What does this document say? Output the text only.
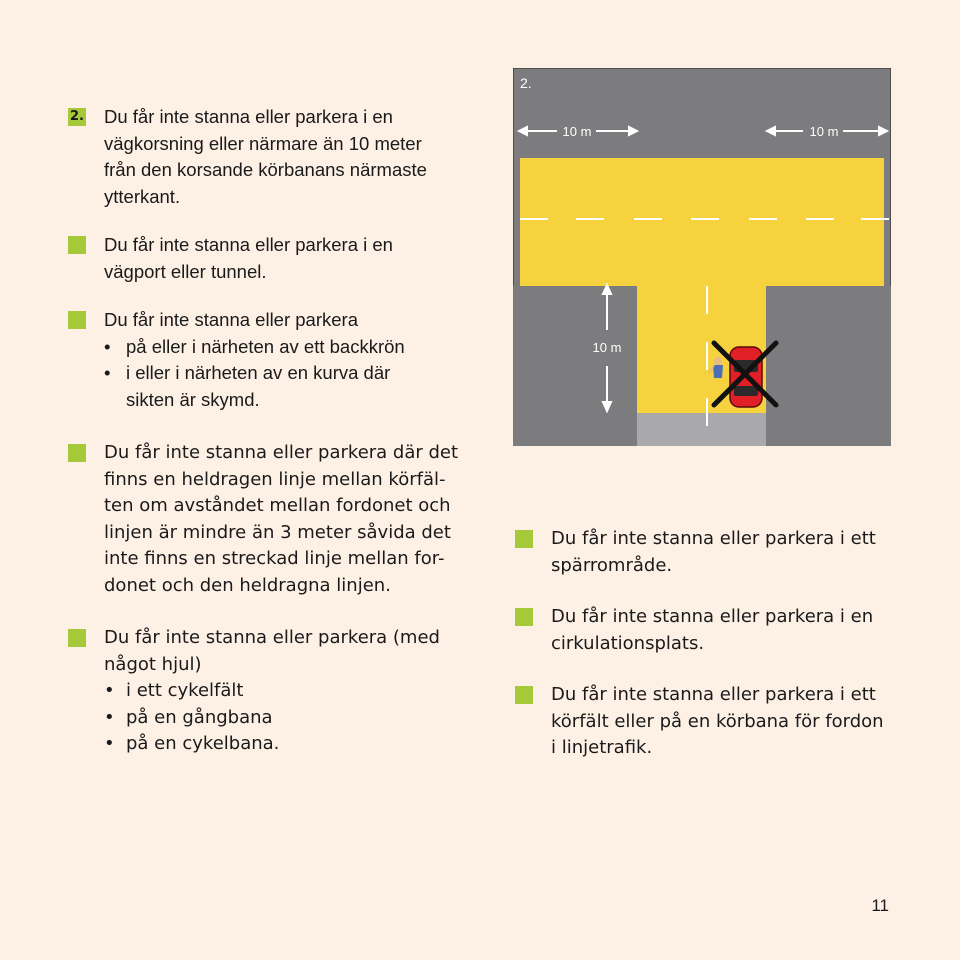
2. Du får inte stanna eller parkera i en
vägkorsning eller närmare än 10 meter
från den korsande körbanans närmaste
ytterkant.
Du får inte stanna eller parkera i en
vägport eller tunnel.
Du får inte stanna eller parkera
• på eller i närheten av ett backkrön
• i eller i närheten av en kurva där
sikten är skymd.
Du får inte stanna eller parkera där det
finns en heldragen linje mellan körfäl-
ten om avståndet mellan fordonet och
linjen är mindre än 3 meter såvida det
inte finns en streckad linje mellan for-
donet och den heldragna linjen.
Du får inte stanna eller parkera (med
något hjul)
• i ett cykelfält
• på en gångbana
• på en cykelbana.
2.
10 m	10 m
10 m
Du får inte stanna eller parkera i ett
spärrområde.
Du får inte stanna eller parkera i en
cirkulationsplats.
Du får inte stanna eller parkera i ett
körfält eller på en körbana för fordon
i linjetrafik.
11
